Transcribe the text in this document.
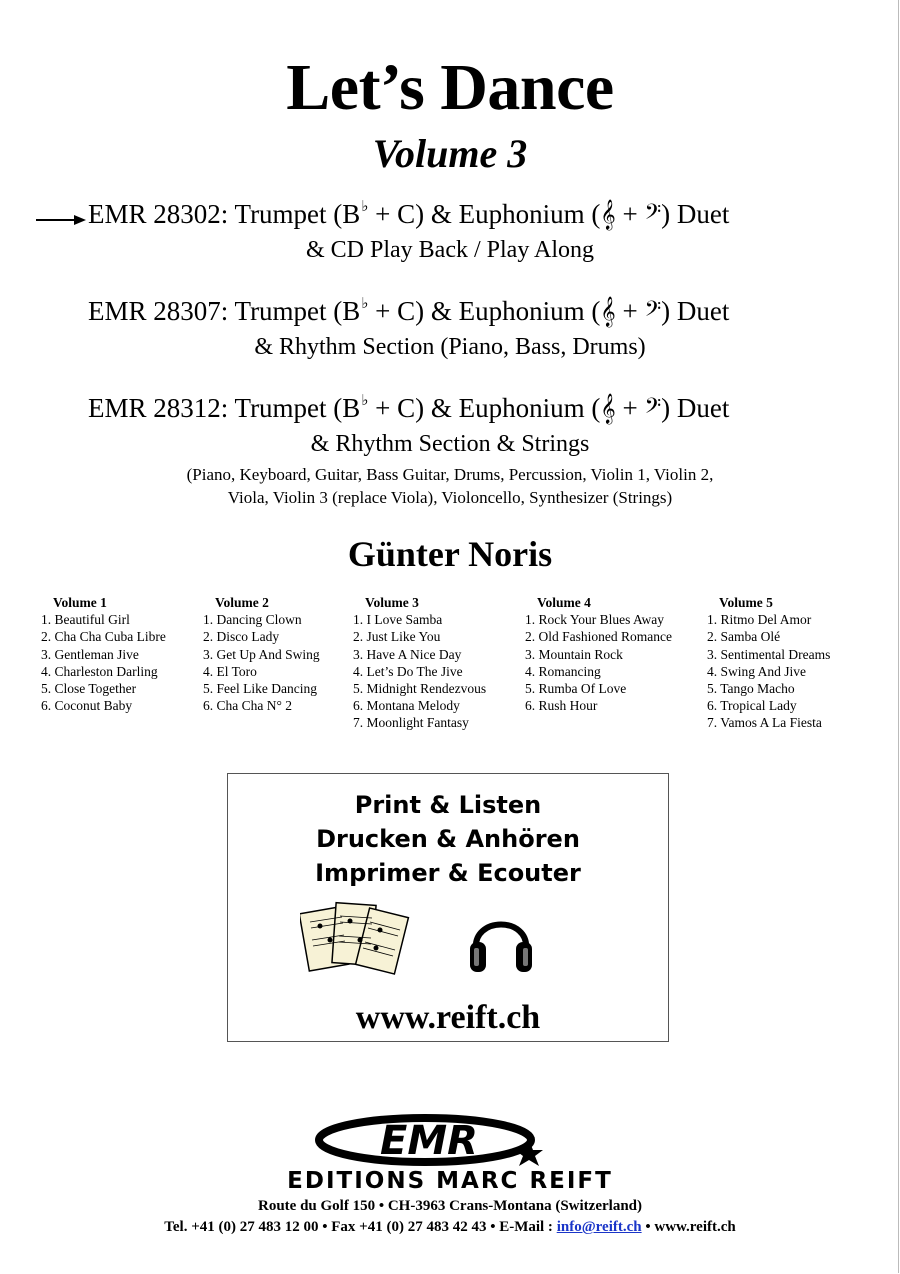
Let’s Dance
Volume 3
EMR 28302: Trumpet (B♭ + C) & Euphonium (𝄞 + 𝄢) Duet
& CD Play Back / Play Along
EMR 28307: Trumpet (B♭ + C) & Euphonium (𝄞 + 𝄢) Duet
& Rhythm Section (Piano, Bass, Drums)
EMR 28312: Trumpet (B♭ + C) & Euphonium (𝄞 + 𝄢) Duet
& Rhythm Section & Strings
(Piano, Keyboard, Guitar, Bass Guitar, Drums, Percussion, Violin 1, Violin 2,
Viola, Violin 3 (replace Viola), Violoncello, Synthesizer (Strings)
Günter Noris
Volume 1
1. Beautiful Girl
2. Cha Cha Cuba Libre
3. Gentleman Jive
4. Charleston Darling
5. Close Together
6. Coconut Baby
Volume 2
1. Dancing Clown
2. Disco Lady
3. Get Up And Swing
4. El Toro
5. Feel Like Dancing
6. Cha Cha N° 2
Volume 3
1. I Love Samba
2. Just Like You
3. Have A Nice Day
4. Let’s Do The Jive
5. Midnight Rendezvous
6. Montana Melody
7. Moonlight Fantasy
Volume 4
1. Rock Your Blues Away
2. Old Fashioned Romance
3. Mountain Rock
4. Romancing
5. Rumba Of Love
6. Rush Hour
Volume 5
1. Ritmo Del Amor
2. Samba Olé
3. Sentimental Dreams
4. Swing And Jive
5. Tango Macho
6. Tropical Lady
7. Vamos A La Fiesta
Print & Listen
Drucken & Anhören
Imprimer & Ecouter
www.reift.ch
EMR
EDITIONS MARC REIFT
Route du Golf 150 • CH-3963 Crans-Montana (Switzerland)
Tel. +41 (0) 27 483 12 00 • Fax +41 (0) 27 483 42 43 • E-Mail : info@reift.ch • www.reift.ch
